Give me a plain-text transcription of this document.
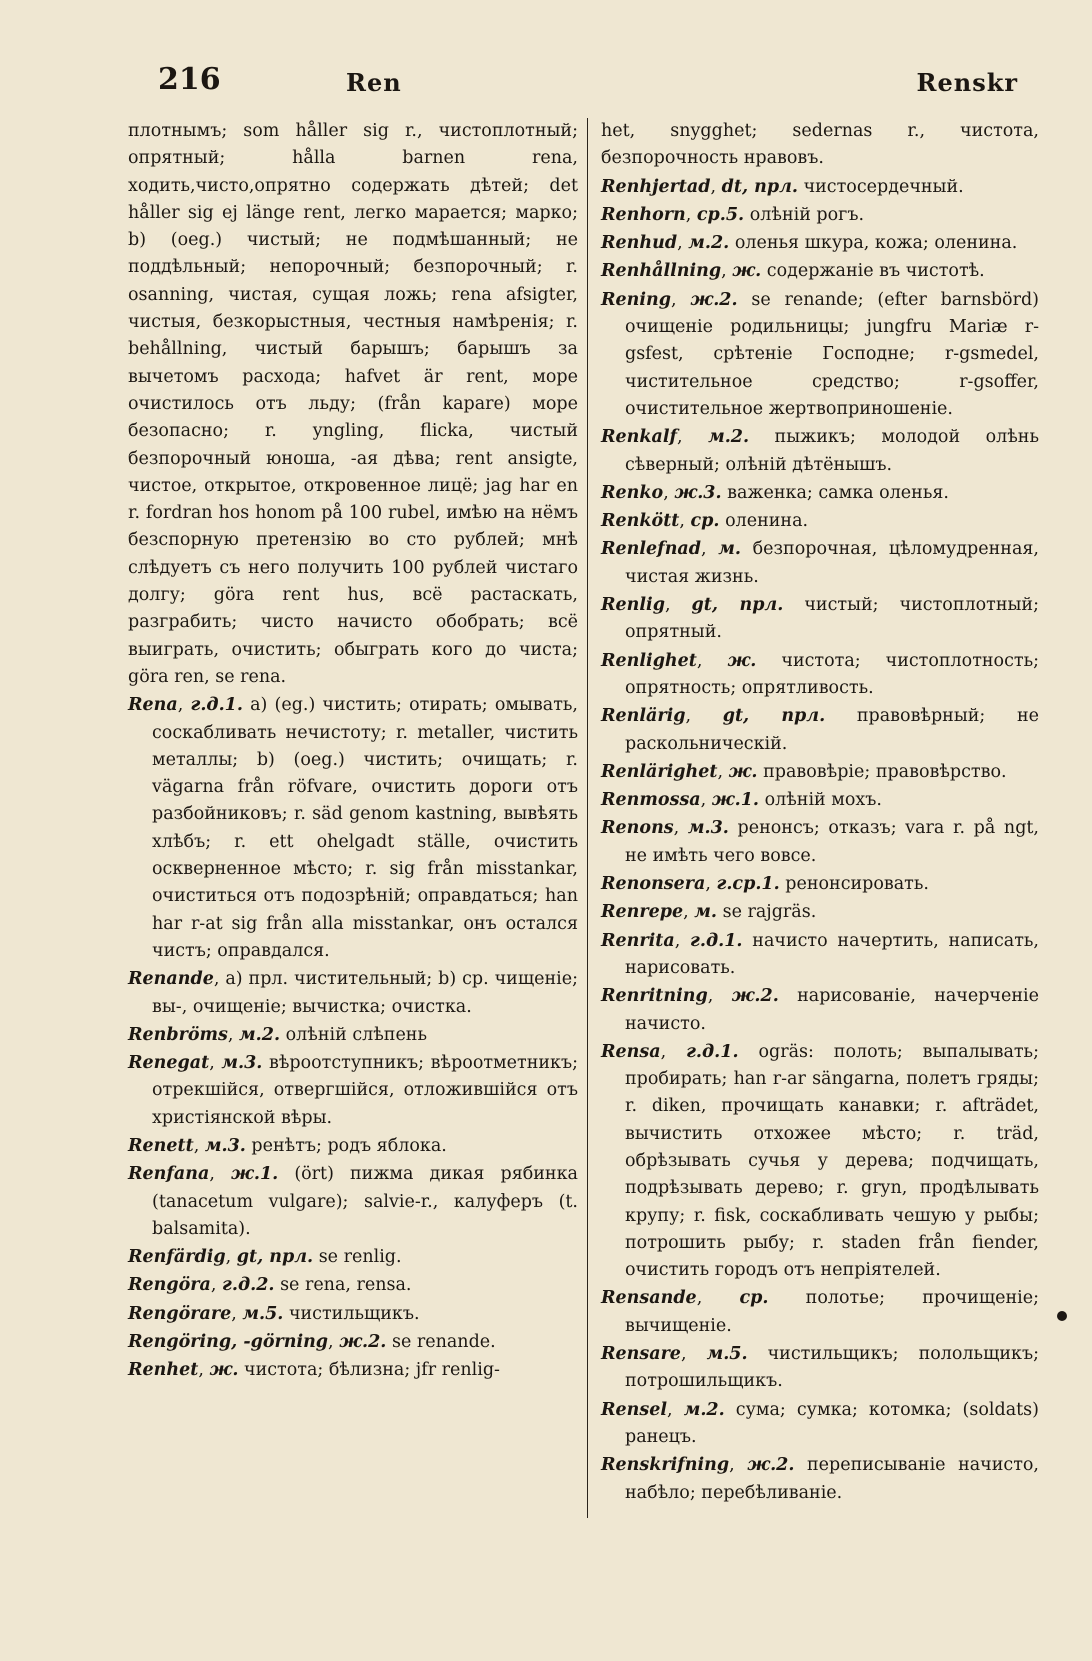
216	Ren	Renskr

плотнымъ; som håller sig r., чистоплотный; опрятный; hålla barnen rena, ходить,чисто,опрятно содержать дѣтей; det håller sig ej länge rent, легко марается; марко; b) (oeg.) чистый; не подмѣшанный; не поддѣльный; непорочный; безпорочный; r. osanning, чистая, сущая ложь; rena afsigter, чистыя, безкорыстныя, честныя намѣренія; r. behållning, чистый барышъ; барышъ за вычетомъ расхода; hafvet är rent, море очистилось отъ льду; (från kapare) море безопасно; r. yngling, flicka, чистый безпорочный юноша, -ая дѣва; rent ansigte, чистое, открытое, откровенное лицё; jag har en r. fordran hos honom på 100 rubel, имѣю на нёмъ безспорную претензію во сто рублей; мнѣ слѣдуетъ съ него получить 100 рублей чистаго долгу; göra rent hus, всё растаскать, разграбить; чисто начисто обобрать; всё выиграть, очистить; обыграть кого до чиста; göra ren, se rena.

Rena, г.д.1. a) (eg.) чистить; отирать; омывать, соскабливать нечистоту; r. metaller, чистить металлы; b) (oeg.) чистить; очищать; r. vägarna från röfvare, очистить дороги отъ разбойниковъ; r. säd genom kastning, вывѣять хлѣбъ; r. ett ohelgadt ställe, очистить оскверненное мѣсто; r. sig från misstankar, очиститься отъ подозрѣній; оправдаться; han har r-at sig från alla misstankar, онъ остался чистъ; оправдался.

Renande, a) прл. чистительный; b) ср. чищеніе; вы-, очищеніе; вычистка; очистка.

Renbröms, м.2. олѣній слѣпень

Renegat, м.3. вѣроотступникъ; вѣроотметникъ; отрекшійся, отвергшійся, отложившійся отъ христіянской вѣры.

Renett, м.3. ренѣтъ; родъ яблока.

Renfana, ж.1. (ört) пижма дикая рябинка (tanacetum vulgare); salvie-r., калуферъ (t. balsamita).

Renfärdig, gt, прл. se renlig.

Rengöra, г.д.2. se rena, rensa.

Rengörare, м.5. чистильщикъ.

Rengöring, -görning, ж.2. se renande.

Renhet, ж. чистота; бѣлизна; jfr renlig-

het, snygghet; sedernas r., чистота, безпорочность нравовъ.

Renhjertad, dt, прл. чистосердечный.

Renhorn, ср.5. олѣній рогъ.

Renhud, м.2. оленья шкура, кожа; оленина.

Renhållning, ж. содержаніе въ чистотѣ.

Rening, ж.2. se renande; (efter barnsbörd) очищеніе родильницы; jungfru Mariæ r-gsfest, срѣтеніе Господне; r-gsmedel, чистительное средство; r-gsoffer, очистительное жертвоприношеніе.

Renkalf, м.2. пыжикъ; молодой олѣнь сѣверный; олѣній дѣтёнышъ.

Renko, ж.3. важенка; самка оленья.

Renkött, ср. оленина.

Renlefnad, м. безпорочная, цѣломудренная, чистая жизнь.

Renlig, gt, прл. чистый; чистоплотный; опрятный.

Renlighet, ж. чистота; чистоплотность; опрятность; опрятливость.

Renlärig, gt, прл. правовѣрный; не раскольническій.

Renlärighet, ж. правовѣріе; правовѣрство.

Renmossa, ж.1. олѣній мохъ.

Renons, м.3. ренонсъ; отказъ; vara r. på ngt, не имѣть чего вовсе.

Renonsera, г.ср.1. ренонсировать.

Renrepe, м. se rajgräs.

Renrita, г.д.1. начисто начертить, написать, нарисовать.

Renritning, ж.2. нарисованіе, начерченіе начисто.

Rensa, г.д.1. ogräs: полоть; выпалывать; пробирать; han r-ar sängarna, полетъ гряды; r. diken, прочищать канавки; r. afträdet, вычистить отхожее мѣсто; r. träd, обрѣзывать сучья у дерева; подчищать, подрѣзывать дерево; r. gryn, продѣлывать крупу; r. fisk, соскабливать чешую у рыбы; потрошить рыбу; r. staden från fiender, очистить городъ отъ непріятелей.

Rensande, ср. полотье; прочищеніе; вычищеніе.

Rensare, м.5. чистильщикъ; полольщикъ; потрошильщикъ.

Rensel, м.2. сума; сумка; котомка; (soldats) ранецъ.

Renskrifning, ж.2. переписываніе начисто, набѣло; перебѣливаніе.
